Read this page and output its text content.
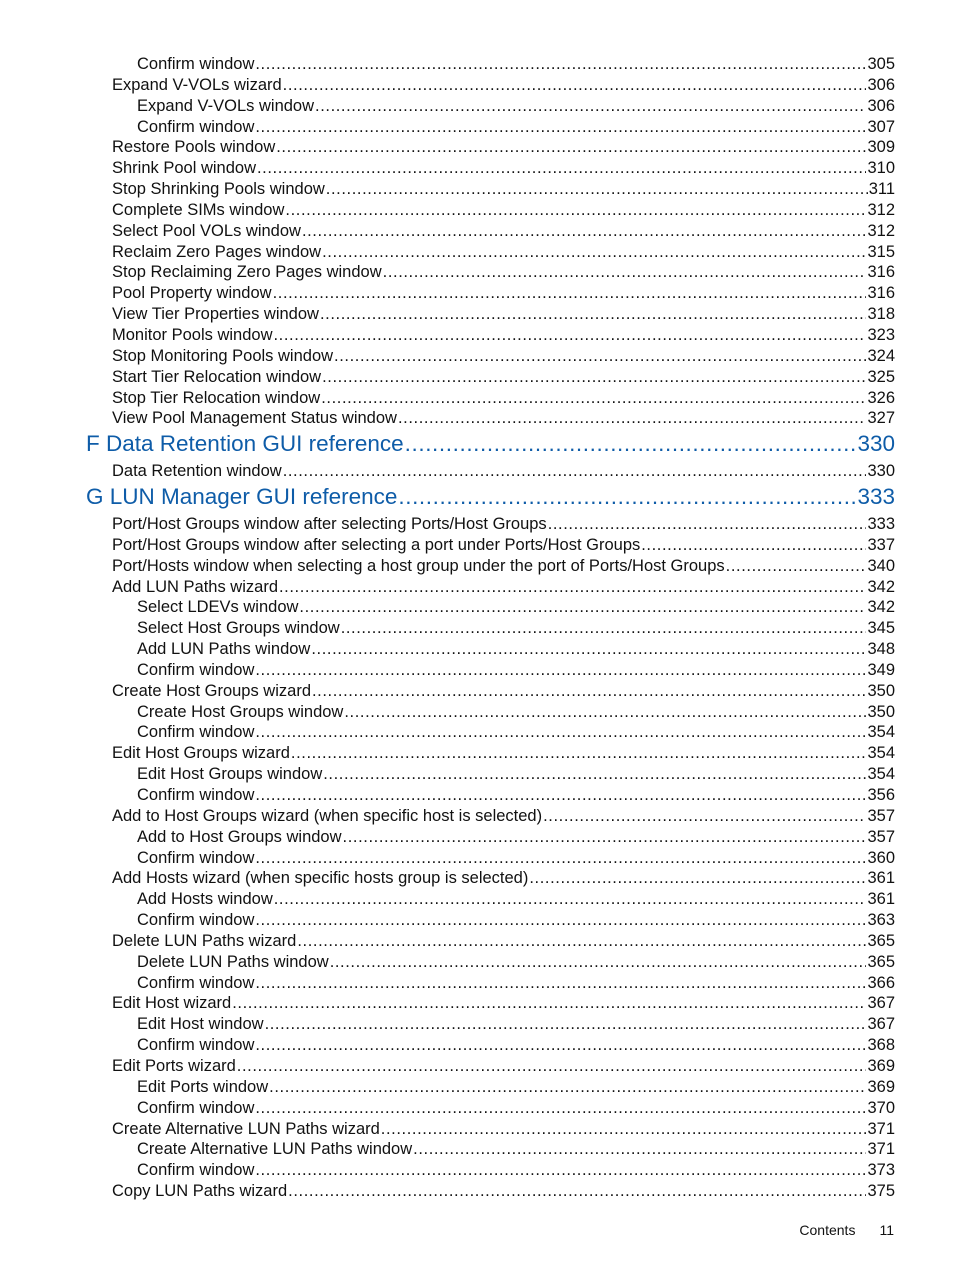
Confirm window .....	305
Expand V-VOLs wizard .....	306
Expand V-VOLs window .....	306
Confirm window .....	307
Restore Pools window .....	309
Shrink Pool window .....	310
Stop Shrinking Pools window .....	311
Complete SIMs window .....	312
Select Pool VOLs window .....	312
Reclaim Zero Pages window .....	315
Stop Reclaiming Zero Pages window .....	316
Pool Property window .....	316
View Tier Properties window .....	318
Monitor Pools window .....	323
Stop Monitoring Pools window .....	324
Start Tier Relocation window .....	325
Stop Tier Relocation window .....	326
View Pool Management Status window .....	327
F Data Retention GUI reference .....	330
Data Retention window .....	330
G LUN Manager GUI reference .....	333
Port/Host Groups window after selecting Ports/Host Groups .....	333
Port/Host Groups window after selecting a port under Ports/Host Groups .....	337
Port/Hosts window when selecting a host group under the port of Ports/Host Groups .....	340
Add LUN Paths wizard .....	342
Select LDEVs window .....	342
Select Host Groups window .....	345
Add LUN Paths window .....	348
Confirm window .....	349
Create Host Groups wizard .....	350
Create Host Groups window .....	350
Confirm window .....	354
Edit Host Groups wizard .....	354
Edit Host Groups window .....	354
Confirm window .....	356
Add to Host Groups wizard (when specific host is selected) .....	357
Add to Host Groups window .....	357
Confirm window .....	360
Add Hosts wizard (when specific hosts group is selected) .....	361
Add Hosts window .....	361
Confirm window .....	363
Delete LUN Paths wizard .....	365
Delete LUN Paths window .....	365
Confirm window .....	366
Edit Host wizard .....	367
Edit Host window .....	367
Confirm window .....	368
Edit Ports wizard .....	369
Edit Ports window .....	369
Confirm window .....	370
Create Alternative LUN Paths wizard .....	371
Create Alternative LUN Paths window .....	371
Confirm window .....	373
Copy LUN Paths wizard .....	375
Contents 11
